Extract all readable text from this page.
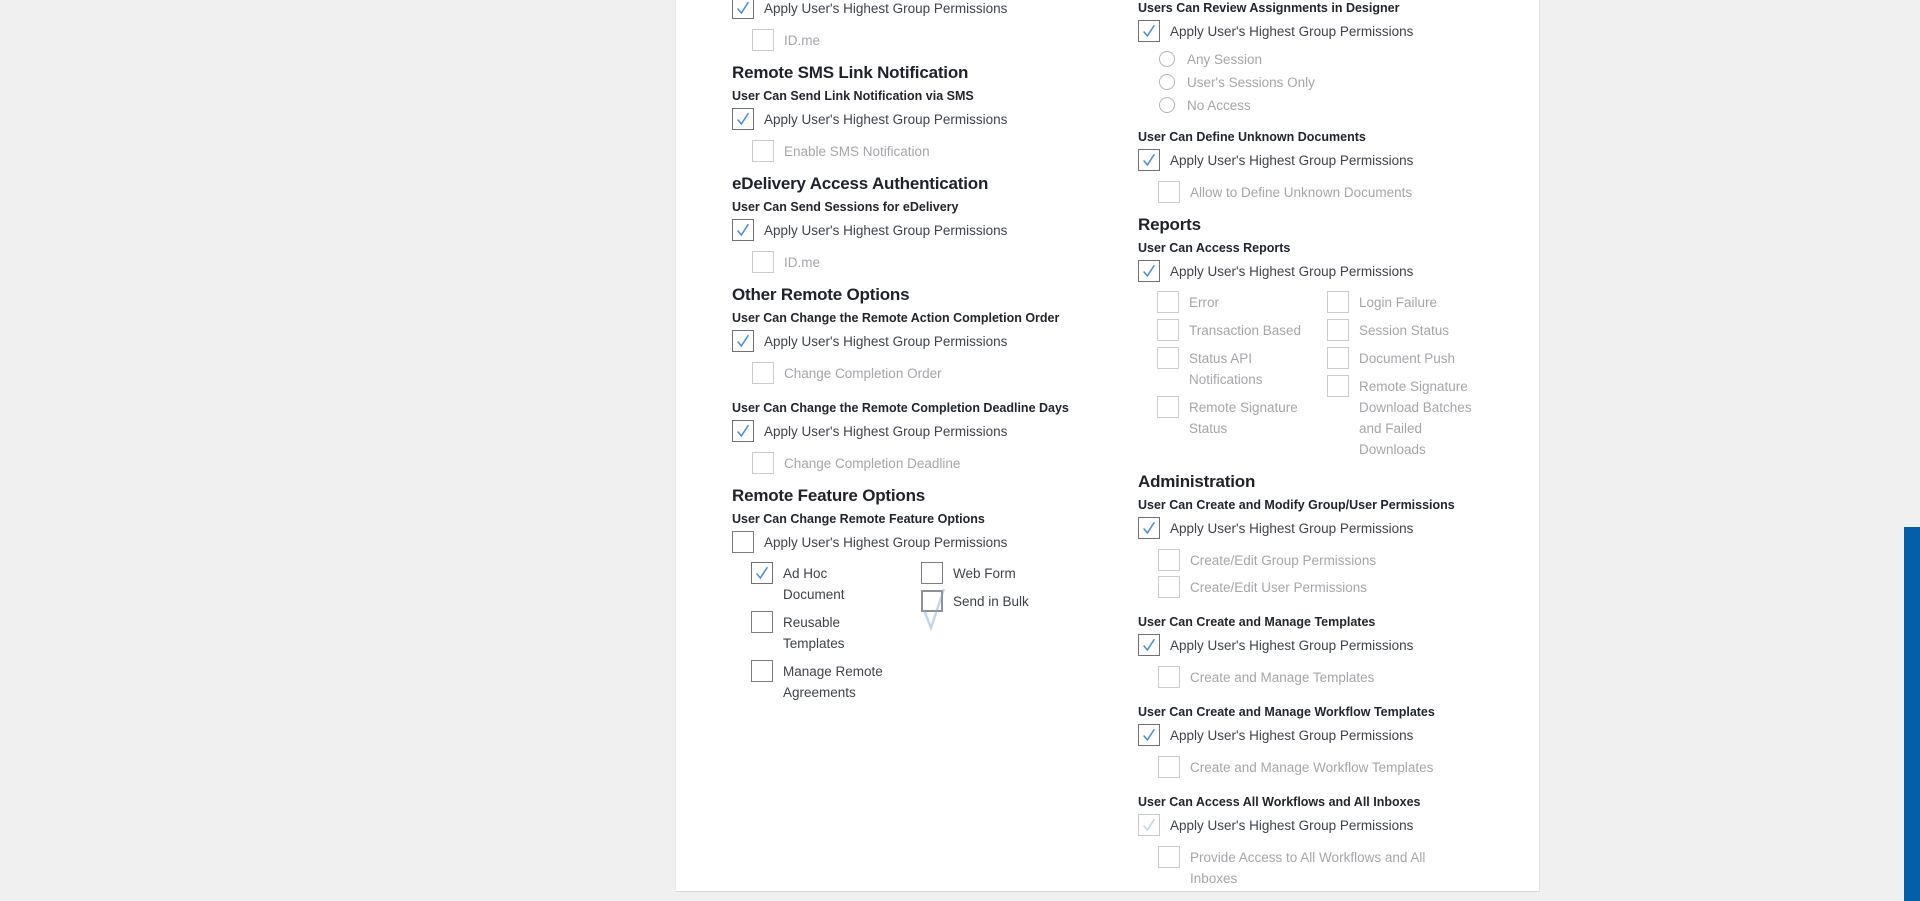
Apply User's Highest Group Permissions
ID.me
Remote SMS Link Notification
User Can Send Link Notification via SMS
Apply User's Highest Group Permissions
Enable SMS Notification
eDelivery Access Authentication
User Can Send Sessions for eDelivery
Apply User's Highest Group Permissions
ID.me
Other Remote Options
User Can Change the Remote Action Completion Order
Apply User's Highest Group Permissions
Change Completion Order
User Can Change the Remote Completion Deadline Days
Apply User's Highest Group Permissions
Change Completion Deadline
Remote Feature Options
User Can Change Remote Feature Options
Apply User's Highest Group Permissions
Ad Hoc Document
Reusable Templates
Manage Remote Agreements
Web Form
Send in Bulk
Users Can Review Assignments in Designer
Apply User's Highest Group Permissions
Any Session
User's Sessions Only
No Access
User Can Define Unknown Documents
Apply User's Highest Group Permissions
Allow to Define Unknown Documents
Reports
User Can Access Reports
Apply User's Highest Group Permissions
Error
Transaction Based
Status API Notifications
Remote Signature Status
Login Failure
Session Status
Document Push
Remote Signature Download Batches and Failed Downloads
Administration
User Can Create and Modify Group/User Permissions
Apply User's Highest Group Permissions
Create/Edit Group Permissions
Create/Edit User Permissions
User Can Create and Manage Templates
Apply User's Highest Group Permissions
Create and Manage Templates
User Can Create and Manage Workflow Templates
Apply User's Highest Group Permissions
Create and Manage Workflow Templates
User Can Access All Workflows and All Inboxes
Apply User's Highest Group Permissions
Provide Access to All Workflows and All Inboxes
